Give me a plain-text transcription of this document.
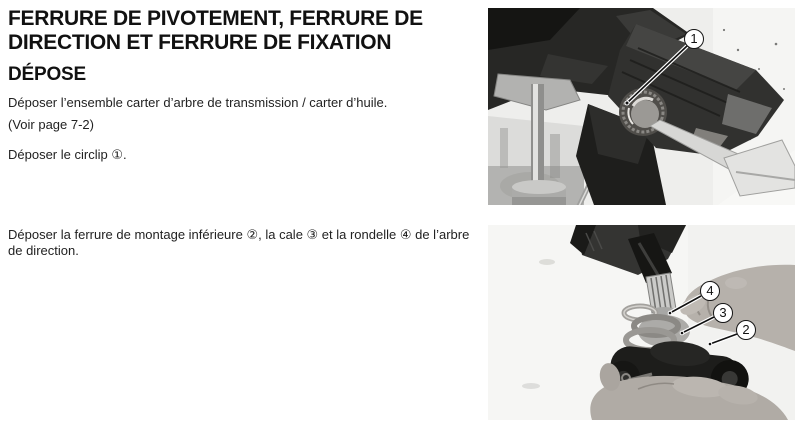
FERRURE DE PIVOTEMENT, FERRURE DE
DIRECTION ET FERRURE DE FIXATION
DÉPOSE

Déposer l’ensemble carter d’arbre de transmission / carter d’huile.

(Voir page 7-2)

Déposer le circlip ①.

Déposer la ferrure de montage inférieure ②, la cale ③ et la rondelle ④ de l’arbre de direction.

1
4
3
2
